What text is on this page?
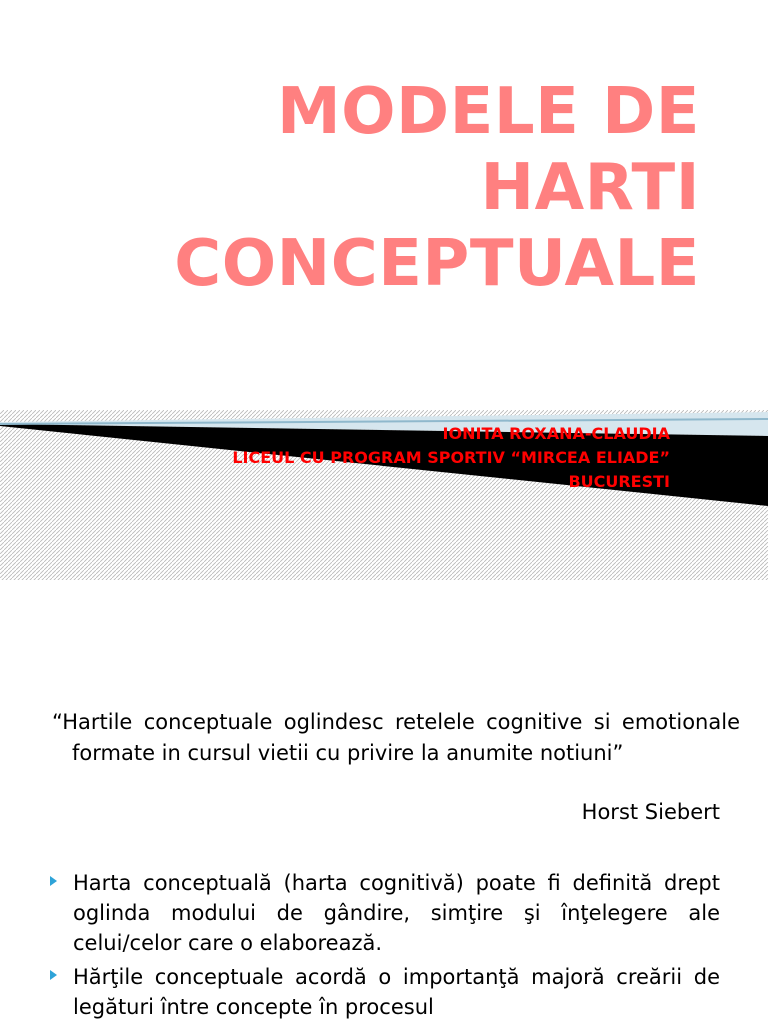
MODELE DE
HARTI
CONCEPTUALE
IONITA ROXANA-CLAUDIA
LICEUL CU PROGRAM SPORTIV “MIRCEA ELIADE”
BUCURESTI

“Hartile conceptuale oglindesc retelele cognitive si emotionale formate in cursul vietii cu privire la anumite notiuni”

Horst Siebert

Harta conceptuală (harta cognitivă) poate fi definită drept oglinda modului de gândire, simţire şi înţelegere ale celui/celor care o elaborează.
Hărţile conceptuale acordă o importanţă majoră creării de legături între concepte în procesul
